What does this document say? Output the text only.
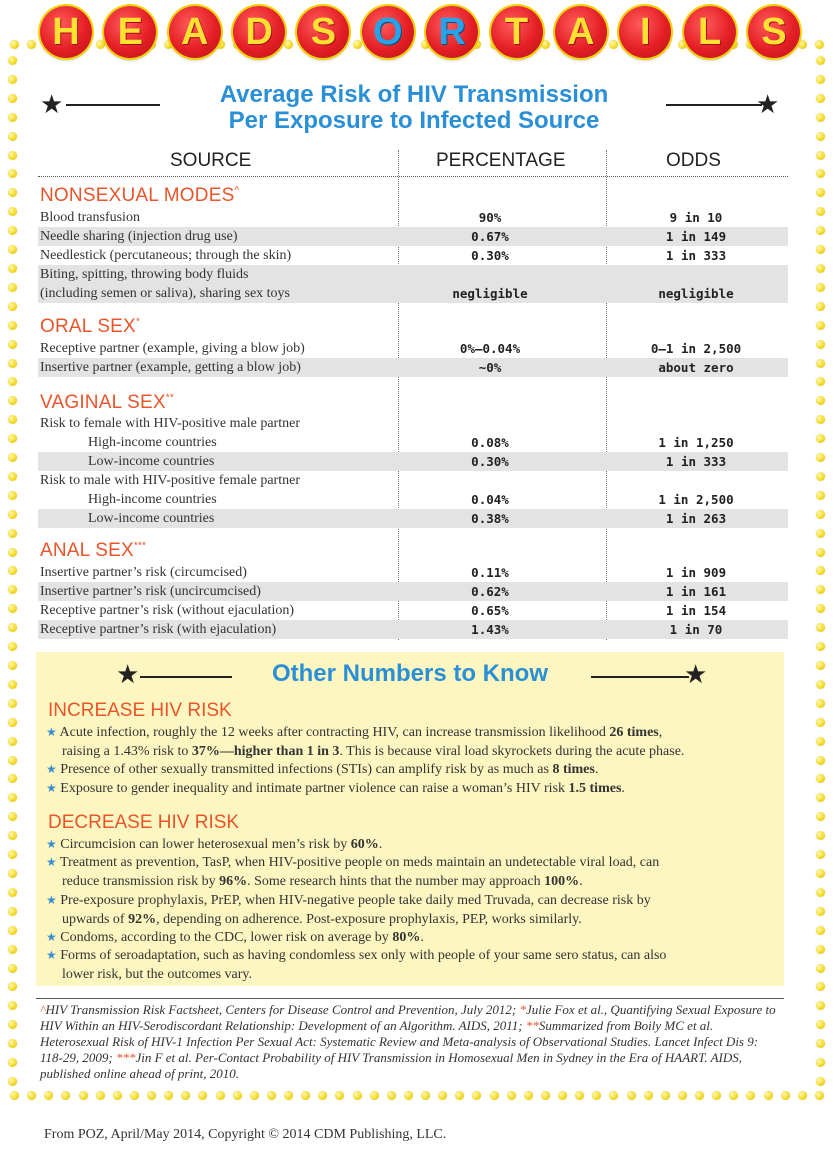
H E A D S O R	T	A	I	L	S
★	Average Risk of HIV Transmission
Per Exposure to Infected Source
★
SOURCE	PERCENTAGE	ODDS
NONSEXUAL MODES^
Blood transfusion	90%	9 in 10
Needle sharing (injection drug use)	0.67%	1 in 149
Needlestick (percutaneous; through the skin)	0.30%	1 in 333
Biting, spitting, throwing body fluids
(including semen or saliva), sharing sex toys	negligible	negligible
ORAL SEX*
Receptive partner (example, giving a blow job)	0%–0.04%	0–1 in 2,500
Insertive partner (example, getting a blow job)	~0%	about zero
VAGINAL SEX**
Risk to female with HIV-positive male partner
High-income countries	0.08%	1 in 1,250
Low-income countries	0.30%	1 in 333
Risk to male with HIV-positive female partner
High-income countries	0.04%	1 in 2,500
Low-income countries	0.38%	1 in 263
ANAL SEX***
Insertive partner’s risk (circumcised)	0.11%	1 in 909
Insertive partner’s risk (uncircumcised)	0.62%	1 in 161
Receptive partner’s risk (without ejaculation)	0.65%	1 in 154
Receptive partner’s risk (with ejaculation)	1.43%	1 in 70
★	Other Numbers to Know	★
INCREASE HIV RISK
★ Acute infection, roughly the 12 weeks after contracting HIV, can increase transmission likelihood 26 times,
raising a 1.43% risk to 37%—higher than 1 in 3. This is because viral load skyrockets during the acute phase.
★ Presence of other sexually transmitted infections (STIs) can amplify risk by as much as 8 times.
★ Exposure to gender inequality and intimate partner violence can raise a woman’s HIV risk 1.5 times.
DECREASE HIV RISK
★ Circumcision can lower heterosexual men’s risk by 60%.
★ Treatment as prevention, TasP, when HIV-positive people on meds maintain an undetectable viral load, can
reduce transmission risk by 96%. Some research hints that the number may approach 100%.
★ Pre-exposure prophylaxis, PrEP, when HIV-negative people take daily med Truvada, can decrease risk by
upwards of 92%, depending on adherence. Post-exposure prophylaxis, PEP, works similarly.
★ Condoms, according to the CDC, lower risk on average by 80%.
★ Forms of seroadaptation, such as having condomless sex only with people of your same sero status, can also
lower risk, but the outcomes vary.
^HIV Transmission Risk Factsheet, Centers for Disease Control and Prevention, July 2012; *Julie Fox et al., Quantifying Sexual Exposure to HIV Within an HIV-Serodiscordant Relationship: Development of an Algorithm. AIDS, 2011; **Summarized from Boily MC et al. Heterosexual Risk of HIV-1 Infection Per Sexual Act: Systematic Review and Meta-analysis of Observational Studies. Lancet Infect Dis 9: 118-29, 2009; ***Jin F et al. Per-Contact Probability of HIV Transmission in Homosexual Men in Sydney in the Era of HAART. AIDS, published online ahead of print, 2010.
From POZ, April/May 2014, Copyright © 2014 CDM Publishing, LLC.
